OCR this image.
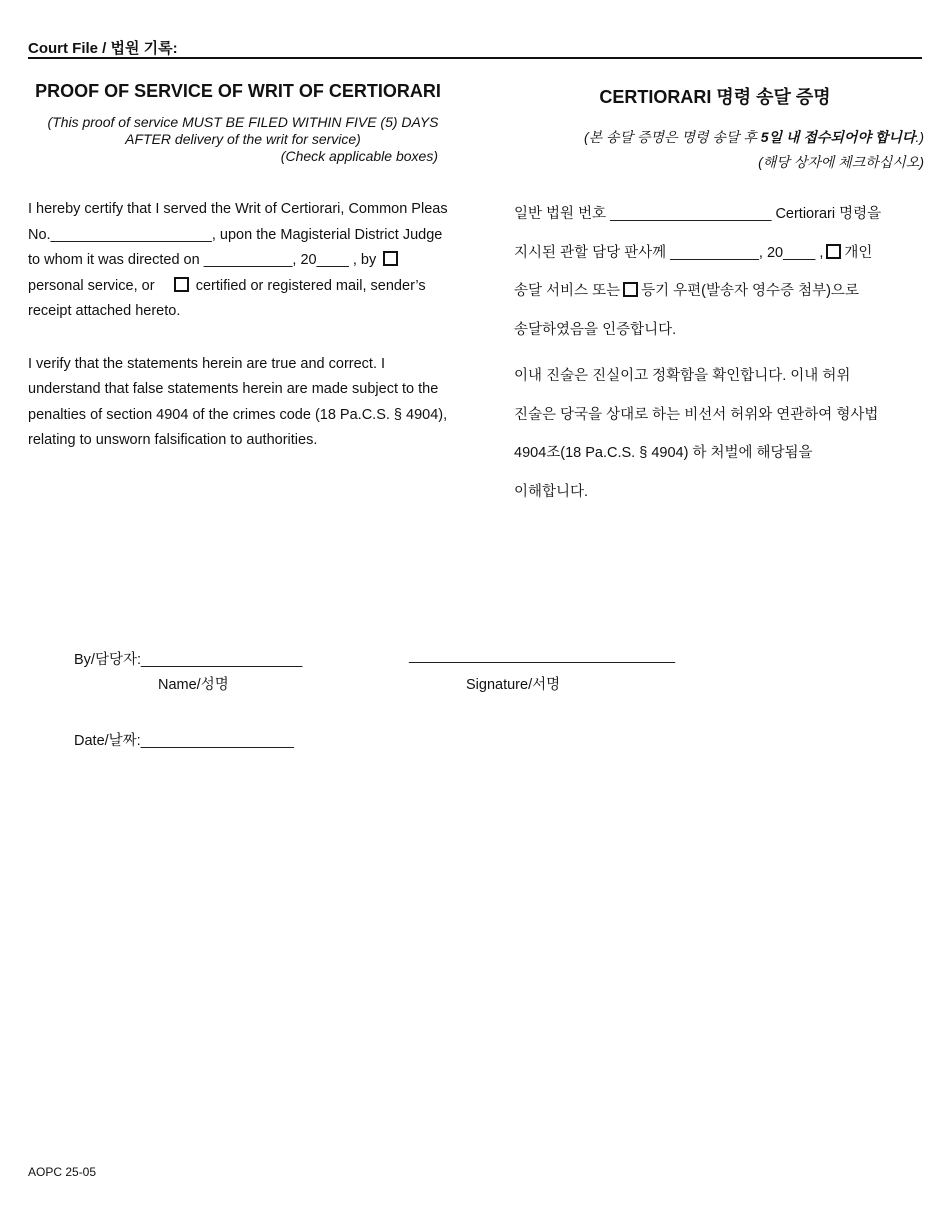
Court File / 법원 기록:
PROOF OF SERVICE OF WRIT OF CERTIORARI
(This proof of service MUST BE FILED WITHIN FIVE (5) DAYS AFTER delivery of the writ for service)
(Check applicable boxes)

I hereby certify that I served the Writ of Certiorari, Common Pleas No.____________________, upon the Magisterial District Judge to whom it was directed on ___________, 20____ , by  personal service, or	certified or registered mail, sender’s receipt attached hereto.

I verify that the statements herein are true and correct. I understand that false statements herein are made subject to the penalties of section 4904 of the crimes code (18 Pa.C.S. § 4904), relating to unsworn falsification to authorities.

CERTIORARI 명령 송달 증명
(본 송달 증명은 명령 송달 후 5일 내 접수되어야 합니다.)
(해당 상자에 체크하십시오)

일반 법원 번호 ____________________ Certiorari 명령을
지시된 관할 담당 판사께 ___________, 20____ , 개인
송달 서비스 또는 등기 우편(발송자 영수증 첨부)으로
송달하였음을 인증합니다.

이내 진술은 진실이고 정확함을 확인합니다. 이내 허위
진술은 당국을 상대로 하는 비선서 허위와 연관하여 형사법
4904조(18 Pa.C.S. § 4904) 하 처벌에 해당됨을
이해합니다.

By/담당자:____________________	_________________________________
Name/성명	Signature/서명
Date/날짜:___________________
AOPC 25-05
